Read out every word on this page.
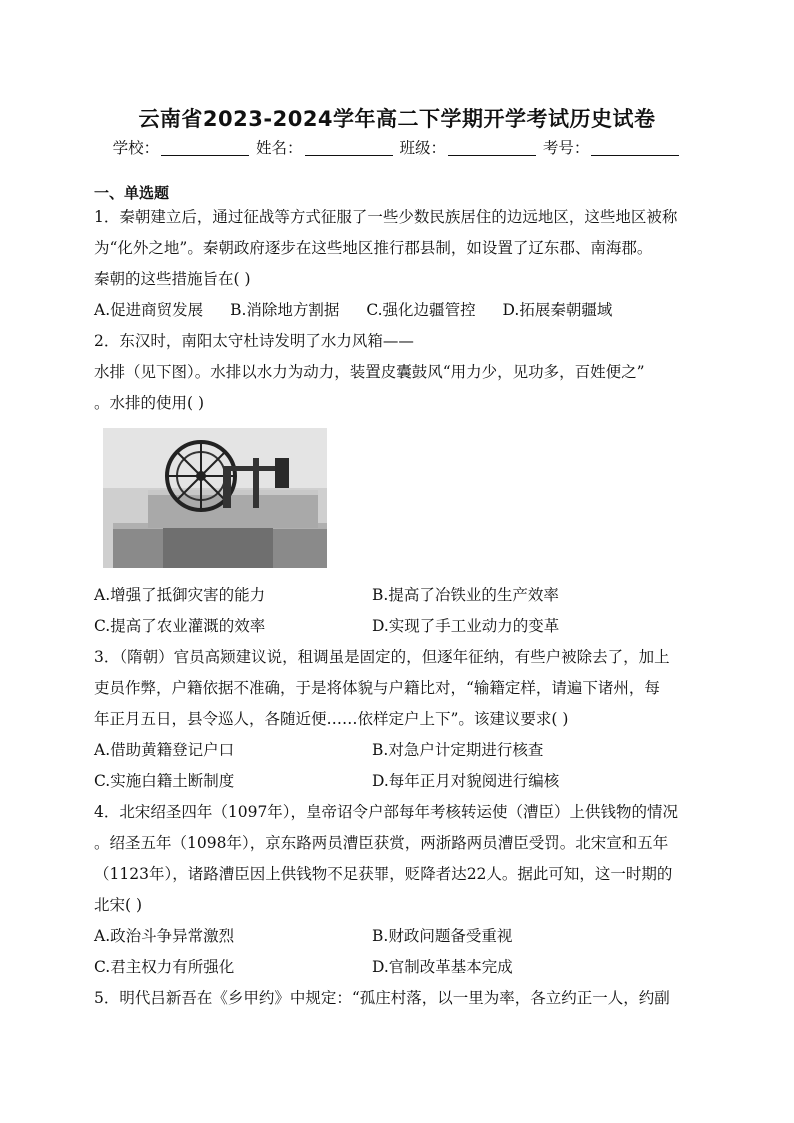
云南省2023-2024学年高二下学期开学考试历史试卷
学校：	姓名：	班级：	考号：
一、单选题
1．秦朝建立后，通过征战等方式征服了一些少数民族居住的边远地区，这些地区被称
为“化外之地”。秦朝政府逐步在这些地区推行郡县制，如设置了辽东郡、南海郡。
秦朝的这些措施旨在( )
A.促进商贸发展 B.消除地方割据 C.强化边疆管控 D.拓展秦朝疆域
2．东汉时，南阳太守杜诗发明了水力风箱——
水排（见下图）。水排以水力为动力，装置皮囊鼓风“用力少，见功多，百姓便之”
。水排的使用( )
A.增强了抵御灾害的能力	B.提高了冶铁业的生产效率
C.提高了农业灌溉的效率	D.实现了手工业动力的变革
3．（隋朝）官员高颎建议说，租调虽是固定的，但逐年征纳，有些户被除去了，加上
吏员作弊，户籍依据不准确，于是将体貌与户籍比对，“输籍定样，请遍下诸州，每
年正月五日，县令巡人，各随近便……依样定户上下”。该建议要求( )
A.借助黄籍登记户口	B.对急户计定期进行核查
C.实施白籍土断制度	D.每年正月对貌阅进行编核
4．北宋绍圣四年（1097年），皇帝诏令户部每年考核转运使（漕臣）上供钱物的情况
。绍圣五年（1098年），京东路两员漕臣获赏，两浙路两员漕臣受罚。北宋宣和五年
（1123年），诸路漕臣因上供钱物不足获罪，贬降者达22人。据此可知，这一时期的
北宋( )
A.政治斗争异常激烈	B.财政问题备受重视
C.君主权力有所强化	D.官制改革基本完成
5．明代吕新吾在《乡甲约》中规定：“孤庄村落，以一里为率，各立约正一人，约副
